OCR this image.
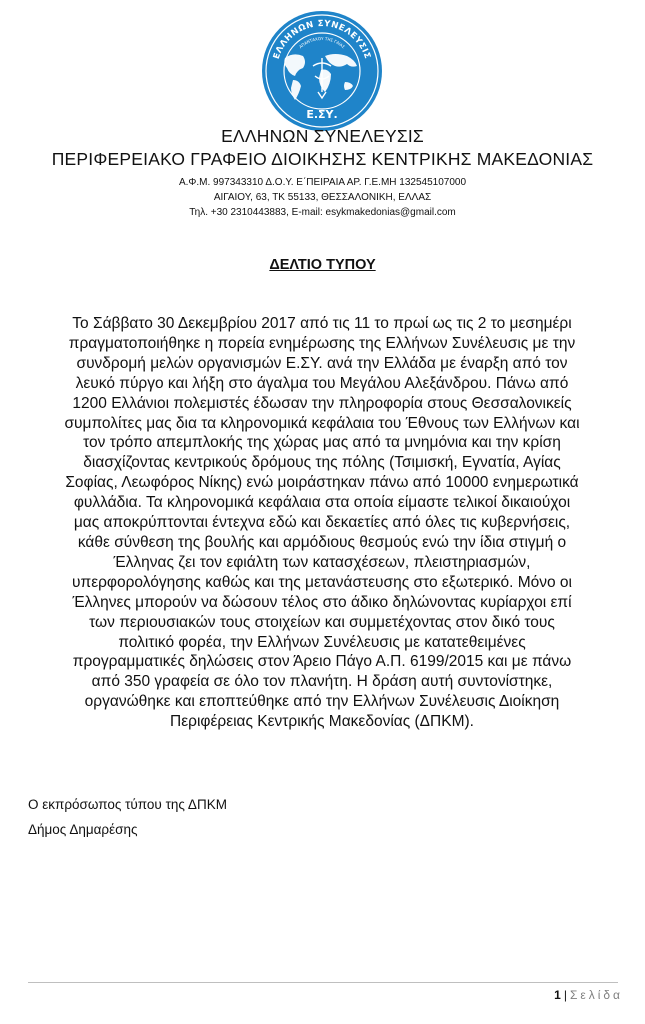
ΕΛΛΗΝΩΝ ΣΥΝΕΛΕΥΣΙΣ
ΑΠΑΝΤΑΧΟΥ ΤΗΣ ΓΑΙΑΣ
Ε.ΣΥ.
ΕΛΛΗΝΩΝ ΣΥΝΕΛΕΥΣΙΣ
ΠΕΡΙΦΕΡΕΙΑΚΟ ΓΡΑΦΕΙΟ ΔΙΟΙΚΗΣΗΣ ΚΕΝΤΡΙΚΗΣ ΜΑΚΕΔΟΝΙΑΣ
Α.Φ.Μ. 997343310 Δ.Ο.Υ. Ε΄ΠΕΙΡΑΙΑ ΑΡ. Γ.Ε.ΜΗ 132545107000
ΑΙΓΑΙΟΥ, 63, ΤΚ 55133, ΘΕΣΣΑΛΟΝΙΚΗ, ΕΛΛΑΣ
Τηλ. +30 2310443883, E-mail: esykmakedonias@gmail.com
ΔΕΛΤΙΟ ΤΥΠΟΥ
Το Σάββατο 30 Δεκεμβρίου 2017 από τις 11 το πρωί ως τις 2 το μεσημέρι
πραγματοποιήθηκε η πορεία ενημέρωσης της Ελλήνων Συνέλευσις με την
συνδρομή μελών οργανισμών Ε.ΣΥ. ανά την Ελλάδα με έναρξη από τον
λευκό πύργο και λήξη στο άγαλμα του Μεγάλου Αλεξάνδρου. Πάνω από
1200 Ελλάνιοι πολεμιστές έδωσαν την πληροφορία στους Θεσσαλονικείς
συμπολίτες μας δια τα κληρονομικά κεφάλαια του Έθνους των Ελλήνων και
τον τρόπο απεμπλοκής της χώρας μας από τα μνημόνια και την κρίση
διασχίζοντας κεντρικούς δρόμους της πόλης (Τσιμισκή, Εγνατία, Αγίας
Σοφίας, Λεωφόρος Νίκης) ενώ μοιράστηκαν πάνω από 10000 ενημερωτικά
φυλλάδια. Τα κληρονομικά κεφάλαια στα οποία είμαστε τελικοί δικαιούχοι
μας αποκρύπτονται έντεχνα εδώ και δεκαετίες από όλες τις κυβερνήσεις,
κάθε σύνθεση της βουλής και αρμόδιους θεσμούς ενώ την ίδια στιγμή ο
Έλληνας ζει τον εφιάλτη των κατασχέσεων, πλειστηριασμών,
υπερφορολόγησης καθώς και της μετανάστευσης στο εξωτερικό. Μόνο οι
Έλληνες μπορούν να δώσουν τέλος στο άδικο δηλώνοντας κυρίαρχοι επί
των περιουσιακών τους στοιχείων και συμμετέχοντας στον δικό τους
πολιτικό φορέα, την Ελλήνων Συνέλευσις με κατατεθειμένες
προγραμματικές δηλώσεις στον Άρειο Πάγο Α.Π. 6199/2015 και με πάνω
από 350 γραφεία σε όλο τον πλανήτη. Η δράση αυτή συντονίστηκε,
οργανώθηκε και εποπτεύθηκε από την Ελλήνων Συνέλευσις Διοίκηση
Περιφέρειας Κεντρικής Μακεδονίας (ΔΠΚΜ).
Ο εκπρόσωπος τύπου της ΔΠΚΜ
Δήμος Δημαρέσης
1 | Σελίδα
